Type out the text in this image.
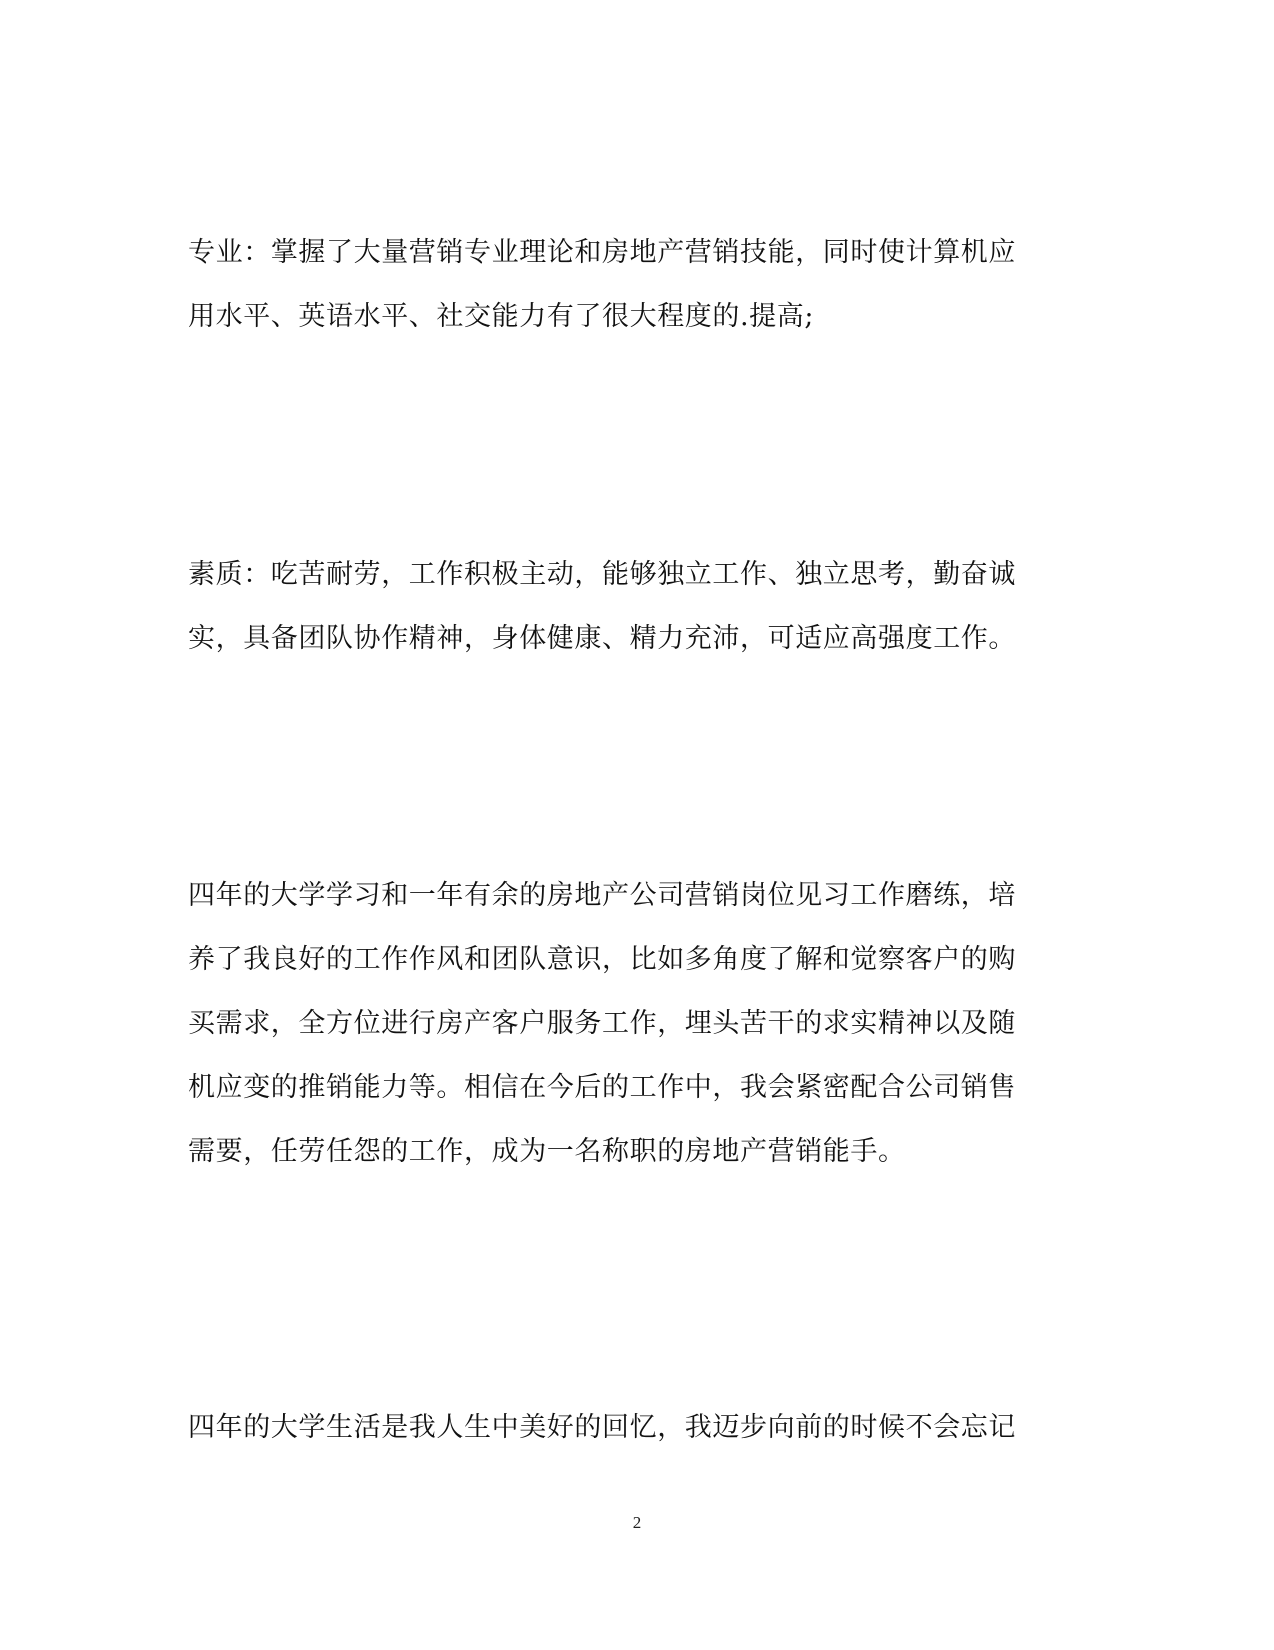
专业：掌握了大量营销专业理论和房地产营销技能，同时使计算机应
用水平、英语水平、社交能力有了很大程度的.提高;

素质：吃苦耐劳，工作积极主动，能够独立工作、独立思考，勤奋诚
实，具备团队协作精神，身体健康、精力充沛，可适应高强度工作。

四年的大学学习和一年有余的房地产公司营销岗位见习工作磨练，培
养了我良好的工作作风和团队意识，比如多角度了解和觉察客户的购
买需求，全方位进行房产客户服务工作，埋头苦干的求实精神以及随
机应变的推销能力等。相信在今后的工作中，我会紧密配合公司销售
需要，任劳任怨的工作，成为一名称职的房地产营销能手。

四年的大学生活是我人生中美好的回忆，我迈步向前的时候不会忘记

2
